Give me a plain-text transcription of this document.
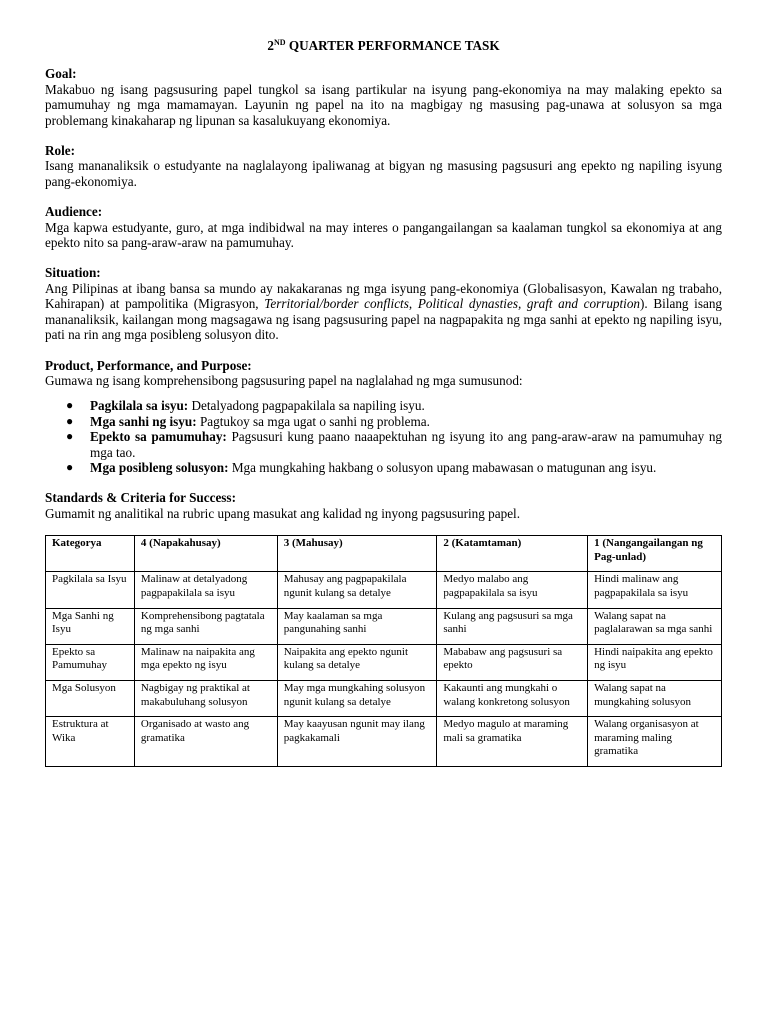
2ND QUARTER PERFORMANCE TASK

Goal:

Makabuo ng isang pagsusuring papel tungkol sa isang partikular na isyung pang-ekonomiya na may malaking epekto sa pamumuhay ng mga mamamayan. Layunin ng papel na ito na magbigay ng masusing pag-unawa at solusyon sa mga problemang kinakaharap ng lipunan sa kasalukuyang ekonomiya.

Role:

Isang mananaliksik o estudyante na naglalayong ipaliwanag at bigyan ng masusing pagsusuri ang epekto ng napiling isyung pang-ekonomiya.

Audience:

Mga kapwa estudyante, guro, at mga indibidwal na may interes o pangangailangan sa kaalaman tungkol sa ekonomiya at ang epekto nito sa pang-araw-araw na pamumuhay.

Situation:

Ang Pilipinas at ibang bansa sa mundo ay nakakaranas ng mga isyung pang-ekonomiya (Globalisasyon, Kawalan ng trabaho, Kahirapan) at pampolitika (Migrasyon, Territorial/border conflicts, Political dynasties, graft and corruption). Bilang isang mananaliksik, kailangan mong magsagawa ng isang pagsusuring papel na nagpapakita ng mga sanhi at epekto ng napiling isyu, pati na rin ang mga posibleng solusyon dito.

Product, Performance, and Purpose:

Gumawa ng isang komprehensibong pagsusuring papel na naglalahad ng mga sumusunod:

● Pagkilala sa isyu: Detalyadong pagpapakilala sa napiling isyu.
● Mga sanhi ng isyu: Pagtukoy sa mga ugat o sanhi ng problema.
● Epekto sa pamumuhay: Pagsusuri kung paano naaapektuhan ng isyung ito ang pang-araw-araw na pamumuhay ng mga tao.
● Mga posibleng solusyon: Mga mungkahing hakbang o solusyon upang mabawasan o matugunan ang isyu.

Standards & Criteria for Success:

Gumamit ng analitikal na rubric upang masukat ang kalidad ng inyong pagsusuring papel.

Kategorya	4 (Napakahusay)	3 (Mahusay)	2 (Katamtaman)	1 (Nangangailangan ng Pag-unlad)
Pagkilala sa Isyu	Malinaw at detalyadong pagpapakilala sa isyu	Mahusay ang pagpapakilala ngunit kulang sa detalye	Medyo malabo ang pagpapakilala sa isyu	Hindi malinaw ang pagpapakilala sa isyu
Mga Sanhi ng Isyu	Komprehensibong pagtatala ng mga sanhi	May kaalaman sa mga pangunahing sanhi	Kulang ang pagsusuri sa mga sanhi	Walang sapat na paglalarawan sa mga sanhi
Epekto sa Pamumuhay	Malinaw na naipakita ang mga epekto ng isyu	Naipakita ang epekto ngunit kulang sa detalye	Mababaw ang pagsusuri sa epekto	Hindi naipakita ang epekto ng isyu
Mga Solusyon	Nagbigay ng praktikal at makabuluhang solusyon	May mga mungkahing solusyon ngunit kulang sa detalye	Kakaunti ang mungkahi o walang konkretong solusyon	Walang sapat na mungkahing solusyon
Estruktura at Wika	Organisado at wasto ang gramatika	May kaayusan ngunit may ilang pagkakamali	Medyo magulo at maraming mali sa gramatika	Walang organisasyon at maraming maling gramatika
